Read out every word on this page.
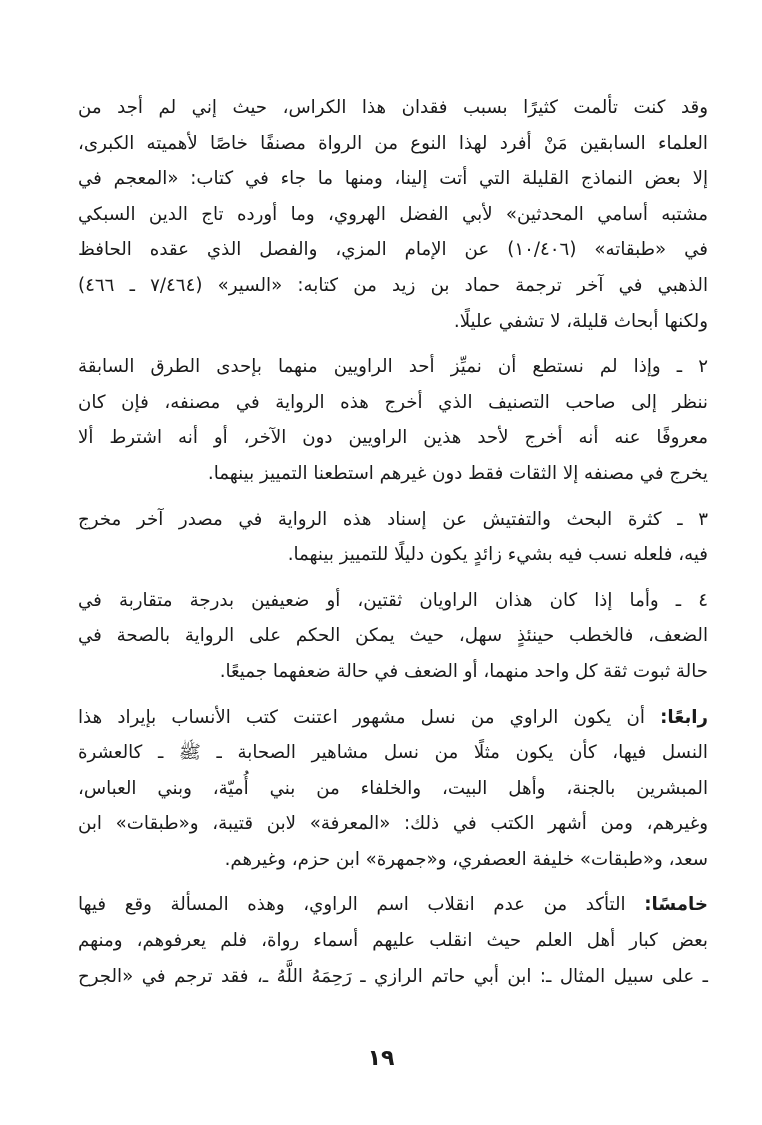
وقد كنت تألمت كثيرًا بسبب فقدان هذا الكراس، حيث إني لم أجد من
العلماء السابقين مَنْ أفرد لهذا النوع من الرواة مصنفًا خاصًا لأهميته الكبرى،
إلا بعض النماذج القليلة التي أتت إلينا، ومنها ما جاء في كتاب: «المعجم في
مشتبه أسامي المحدثين» لأبي الفضل الهروي، وما أورده تاج الدين السبكي
في «طبقاته» (١٠/٤٠٦) عن الإمام المزي، والفصل الذي عقده الحافظ
الذهبي في آخر ترجمة حماد بن زيد من كتابه: «السير» (٧/٤٦٤ ـ ٤٦٦)
ولكنها أبحاث قليلة، لا تشفي عليلًا.

٢ ـ وإذا لم نستطع أن نميِّز أحد الراويين منهما بإحدى الطرق السابقة
ننظر إلى صاحب التصنيف الذي أخرج هذه الرواية في مصنفه، فإن كان
معروفًا عنه أنه أخرج لأحد هذين الراويين دون الآخر، أو أنه اشترط ألا
يخرج في مصنفه إلا الثقات فقط دون غيرهم استطعنا التمييز بينهما.

٣ ـ كثرة البحث والتفتيش عن إسناد هذه الرواية في مصدر آخر مخرج
فيه، فلعله نسب فيه بشيء زائدٍ يكون دليلًا للتمييز بينهما.

٤ ـ وأما إذا كان هذان الراويان ثقتين، أو ضعيفين بدرجة متقاربة في
الضعف، فالخطب حينئذٍ سهل، حيث يمكن الحكم على الرواية بالصحة في
حالة ثبوت ثقة كل واحد منهما، أو الضعف في حالة ضعفهما جميعًا.

رابعًا: أن يكون الراوي من نسل مشهور اعتنت كتب الأنساب بإيراد هذا
النسل فيها، كأن يكون مثلًا من نسل مشاهير الصحابة ـ ﷺ ـ كالعشرة
المبشرين بالجنة، وأهل البيت، والخلفاء من بني أُميّة، وبني العباس،
وغيرهم، ومن أشهر الكتب في ذلك: «المعرفة» لابن قتيبة، و«طبقات» ابن
سعد، و«طبقات» خليفة العصفري، و«جمهرة» ابن حزم، وغيرهم.

خامسًا: التأكد من عدم انقلاب اسم الراوي، وهذه المسألة وقع فيها
بعض كبار أهل العلم حيث انقلب عليهم أسماء رواة، فلم يعرفوهم، ومنهم
ـ على سبيل المثال ـ: ابن أبي حاتم الرازي ـ رَحِمَهُ اللَّهُ ـ، فقد ترجم في «الجرح

١٩
